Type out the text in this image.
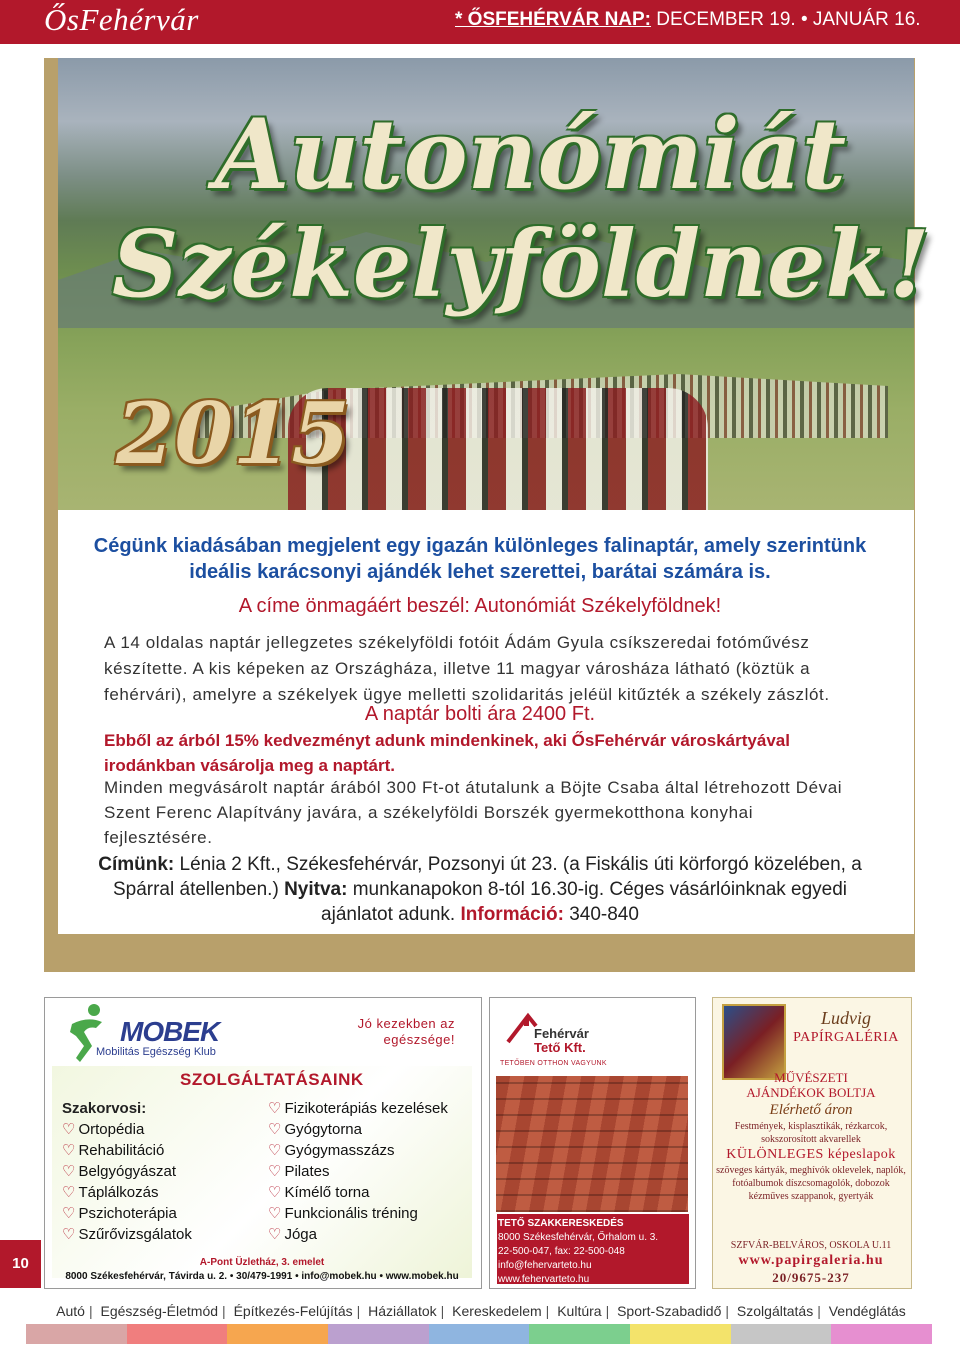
ŐsFehérvár	* ŐSFEHÉRVÁR NAP: DECEMBER 19. • JANUÁR 16.
Autonómiát
Székelyföldnek!
2015
Cégünk kiadásában megjelent egy igazán különleges falinaptár, amely szerintünk ideális karácsonyi ajándék lehet szerettei, barátai számára is.
A címe önmagáért beszél: Autonómiát Székelyföldnek!
A 14 oldalas naptár jellegzetes székelyföldi fotóit Ádám Gyula csíkszeredai fotóművész készítette. A kis képeken az Országháza, illetve 11 magyar városháza látható (köztük a fehérvári), amelyre a székelyek ügye melletti szolidaritás jeléül kitűzték a székely zászlót.
A naptár bolti ára 2400 Ft.
Ebből az árból 15% kedvezményt adunk mindenkinek, aki ŐsFehérvár városkártyával irodánkban vásárolja meg a naptárt.
Minden megvásárolt naptár árából 300 Ft-ot átutalunk a Böjte Csaba által létrehozott Dévai Szent Ferenc Alapítvány javára, a székelyföldi Borszék gyermekotthona konyhai fejlesztésére.
Címünk: Lénia 2 Kft., Székesfehérvár, Pozsonyi út 23. (a Fiskális úti körforgó közelében, a Spárral átellenben.) Nyitva: munkanapokon 8-tól 16.30-ig. Céges vásárlóinknak egyedi ajánlatot adunk. Információ: 340-840
MOBEK
Mobilitás Egészség Klub
Jó kezekben az egészsége!
SZOLGÁLTATÁSAINK
Szakorvosi:
♡ Ortopédia
♡ Rehabilitáció
♡ Belgyógyászat
♡ Táplálkozás
♡ Pszichoterápia
♡ Szűrővizsgálatok
♡ Fizikoterápiás kezelések
♡ Gyógytorna
♡ Gyógymasszázs
♡ Pilates
♡ Kímélő torna
♡ Funkcionális tréning
♡ Jóga
A-Pont Üzletház, 3. emelet
8000 Székesfehérvár, Távirda u. 2. • 30/479-1991 • info@mobek.hu • www.mobek.hu
Fehérvár
Tető Kft.
TETŐBEN OTTHON VAGYUNK
TETŐ SZAKKERESKEDÉS
8000 Székesfehérvár, Őrhalom u. 3.
22-500-047, fax: 22-500-048
info@fehervarteto.hu
www.fehervarteto.hu
Ludvig
PAPÍRGALÉRIA
MŰVÉSZETI
AJÁNDÉKOK BOLTJA
Elérhető áron
Festmények, kisplasztikák, rézkarcok, sokszorosított akvarellek
KÜLÖNLEGES képeslapok
szöveges kártyák, meghívók oklevelek, naplók, fotóalbumok díszcsomagolók, dobozok kézműves szappanok, gyertyák
SZFVÁR-BELVÁROS, OSKOLA U.11
www.papirgaleria.hu
20/9675-237
10
Autó | Egészség-Életmód | Építkezés-Felújítás | Háziállatok | Kereskedelem | Kultúra | Sport-Szabadidő | Szolgáltatás | Vendéglátás
